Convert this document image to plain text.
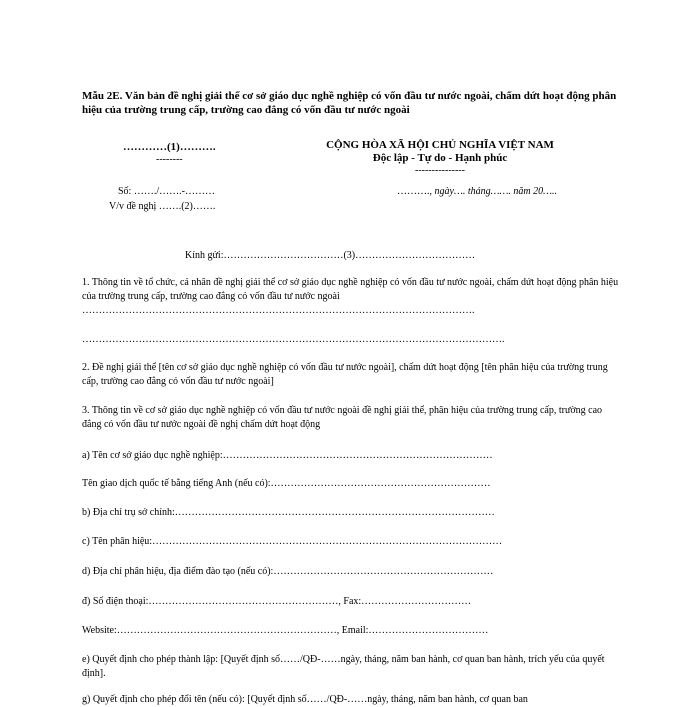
Mẫu 2E. Văn bản đề nghị giải thể cơ sở giáo dục nghề nghiệp có vốn đầu tư nước ngoài, chấm dứt hoạt động phân hiệu của trường trung cấp, trường cao đẳng có vốn đầu tư nước ngoài
…………(1)……….
--------
CỘNG HÒA XÃ HỘI CHỦ NGHĨA VIỆT NAM
Độc lập - Tự do - Hạnh phúc
---------------
Số: ……./…….-………
V/v đề nghị …….(2)…….
………., ngày…. tháng……. năm 20…..
Kính gửi:………………………………(3)………………………………
1. Thông tin về tổ chức, cá nhân đề nghị giải thể cơ sở giáo dục nghề nghiệp có vốn đầu tư nước ngoài, chấm dứt hoạt động phân hiệu của trường trung cấp, trường cao đẳng có vốn đầu tư nước ngoài
……………………………………………………………………………………………………….
……………………………………………………………………………………………………………….
2. Đề nghị giải thể [tên cơ sở giáo dục nghề nghiệp có vốn đầu tư nước ngoài], chấm dứt hoạt động [tên phân hiệu của trường trung cấp, trường cao đẳng có vốn đầu tư nước ngoài]
3. Thông tin về cơ sở giáo dục nghề nghiệp có vốn đầu tư nước ngoài đề nghị giải thể, phân hiệu của trường trung cấp, trường cao đẳng có vốn đầu tư nước ngoài đề nghị chấm dứt hoạt động
a) Tên cơ sở giáo dục nghề nghiệp:………………………………………………………………………
Tên giao dịch quốc tế bằng tiếng Anh (nếu có):…………………………………………………………
b) Địa chỉ trụ sở chính:……………………………………………………………………………………
c) Tên phân hiệu:……………………………………………………………………………………………
d) Địa chỉ phân hiệu, địa điểm đào tạo (nếu có):…………………………………………………………
đ) Số điện thoại:…………………………………………………, Fax:……………………………
Website:…………………………………………………………, Email:………………………………
e) Quyết định cho phép thành lập: [Quyết định số……/QĐ-……ngày, tháng, năm ban hành, cơ quan ban hành, trích yếu của quyết định].
g) Quyết định cho phép đổi tên (nếu có): [Quyết định số……/QĐ-……ngày, tháng, năm ban hành, cơ quan ban
